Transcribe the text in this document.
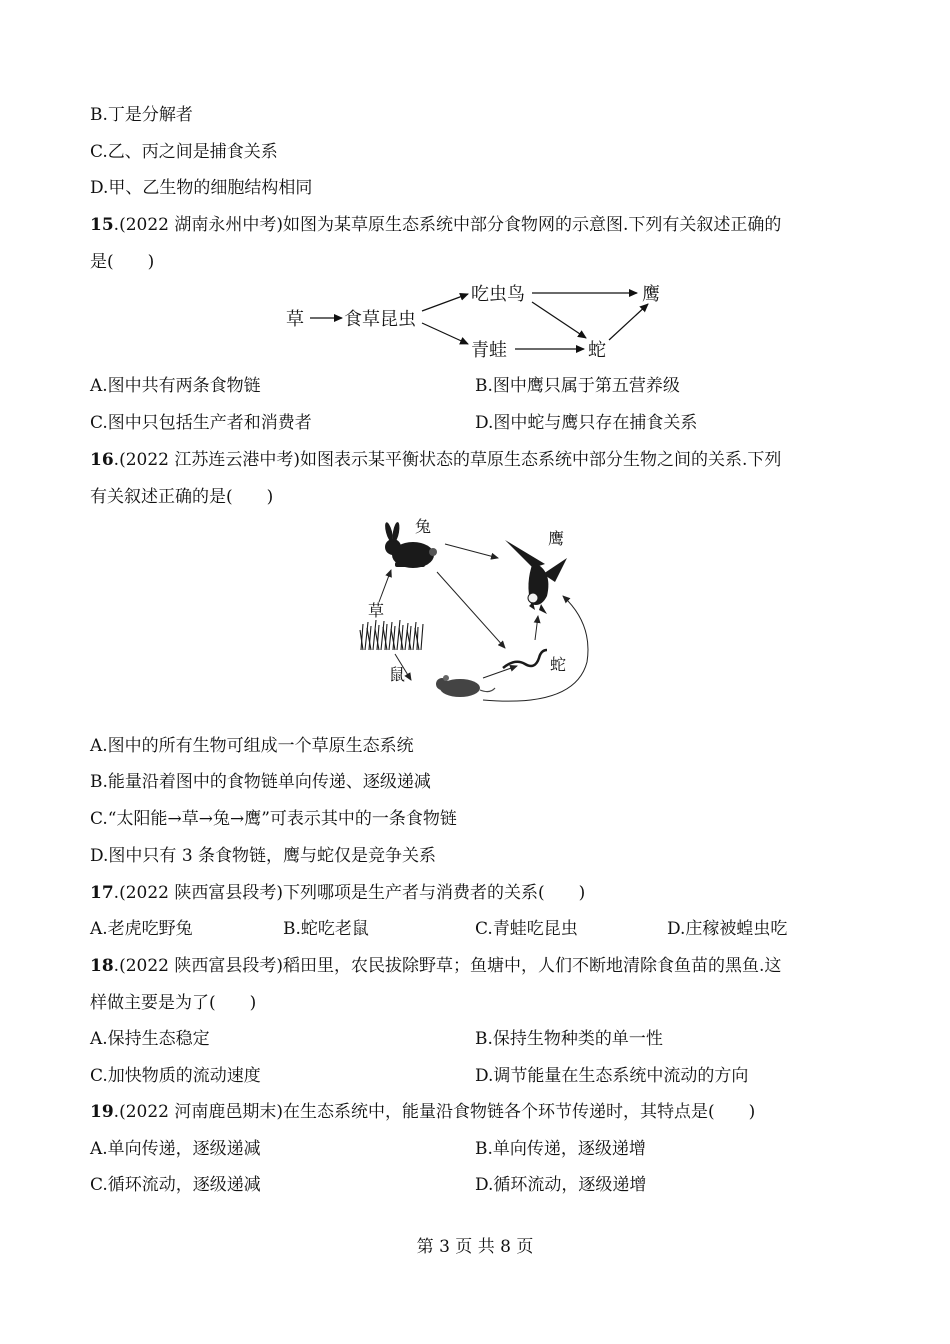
B.丁是分解者
C.乙、丙之间是捕食关系
D.甲、乙生物的细胞结构相同
15.(2022 湖南永州中考)如图为某草原生态系统中部分食物网的示意图.下列有关叙述正确的
是(　　)
草 食草昆虫
吃虫鸟	鹰
青蛙	蛇
A.图中共有两条食物链	B.图中鹰只属于第五营养级
C.图中只包括生产者和消费者	D.图中蛇与鹰只存在捕食关系
16.(2022 江苏连云港中考)如图表示某平衡状态的草原生态系统中部分生物之间的关系.下列
有关叙述正确的是(　　)
兔
鹰
草
鼠
蛇
A.图中的所有生物可组成一个草原生态系统
B.能量沿着图中的食物链单向传递、逐级递减
C.“太阳能→草→兔→鹰”可表示其中的一条食物链
D.图中只有 3 条食物链，鹰与蛇仅是竞争关系
17.(2022 陕西富县段考)下列哪项是生产者与消费者的关系(　　)
A.老虎吃野兔	B.蛇吃老鼠	C.青蛙吃昆虫	D.庄稼被蝗虫吃
18.(2022 陕西富县段考)稻田里，农民拔除野草；鱼塘中，人们不断地清除食鱼苗的黑鱼.这
样做主要是为了(　　)
A.保持生态稳定	B.保持生物种类的单一性
C.加快物质的流动速度	D.调节能量在生态系统中流动的方向
19.(2022 河南鹿邑期末)在生态系统中，能量沿食物链各个环节传递时，其特点是(　　)
A.单向传递，逐级递减	B.单向传递，逐级递增
C.循环流动，逐级递减	D.循环流动，逐级递增
第 3 页 共 8 页
